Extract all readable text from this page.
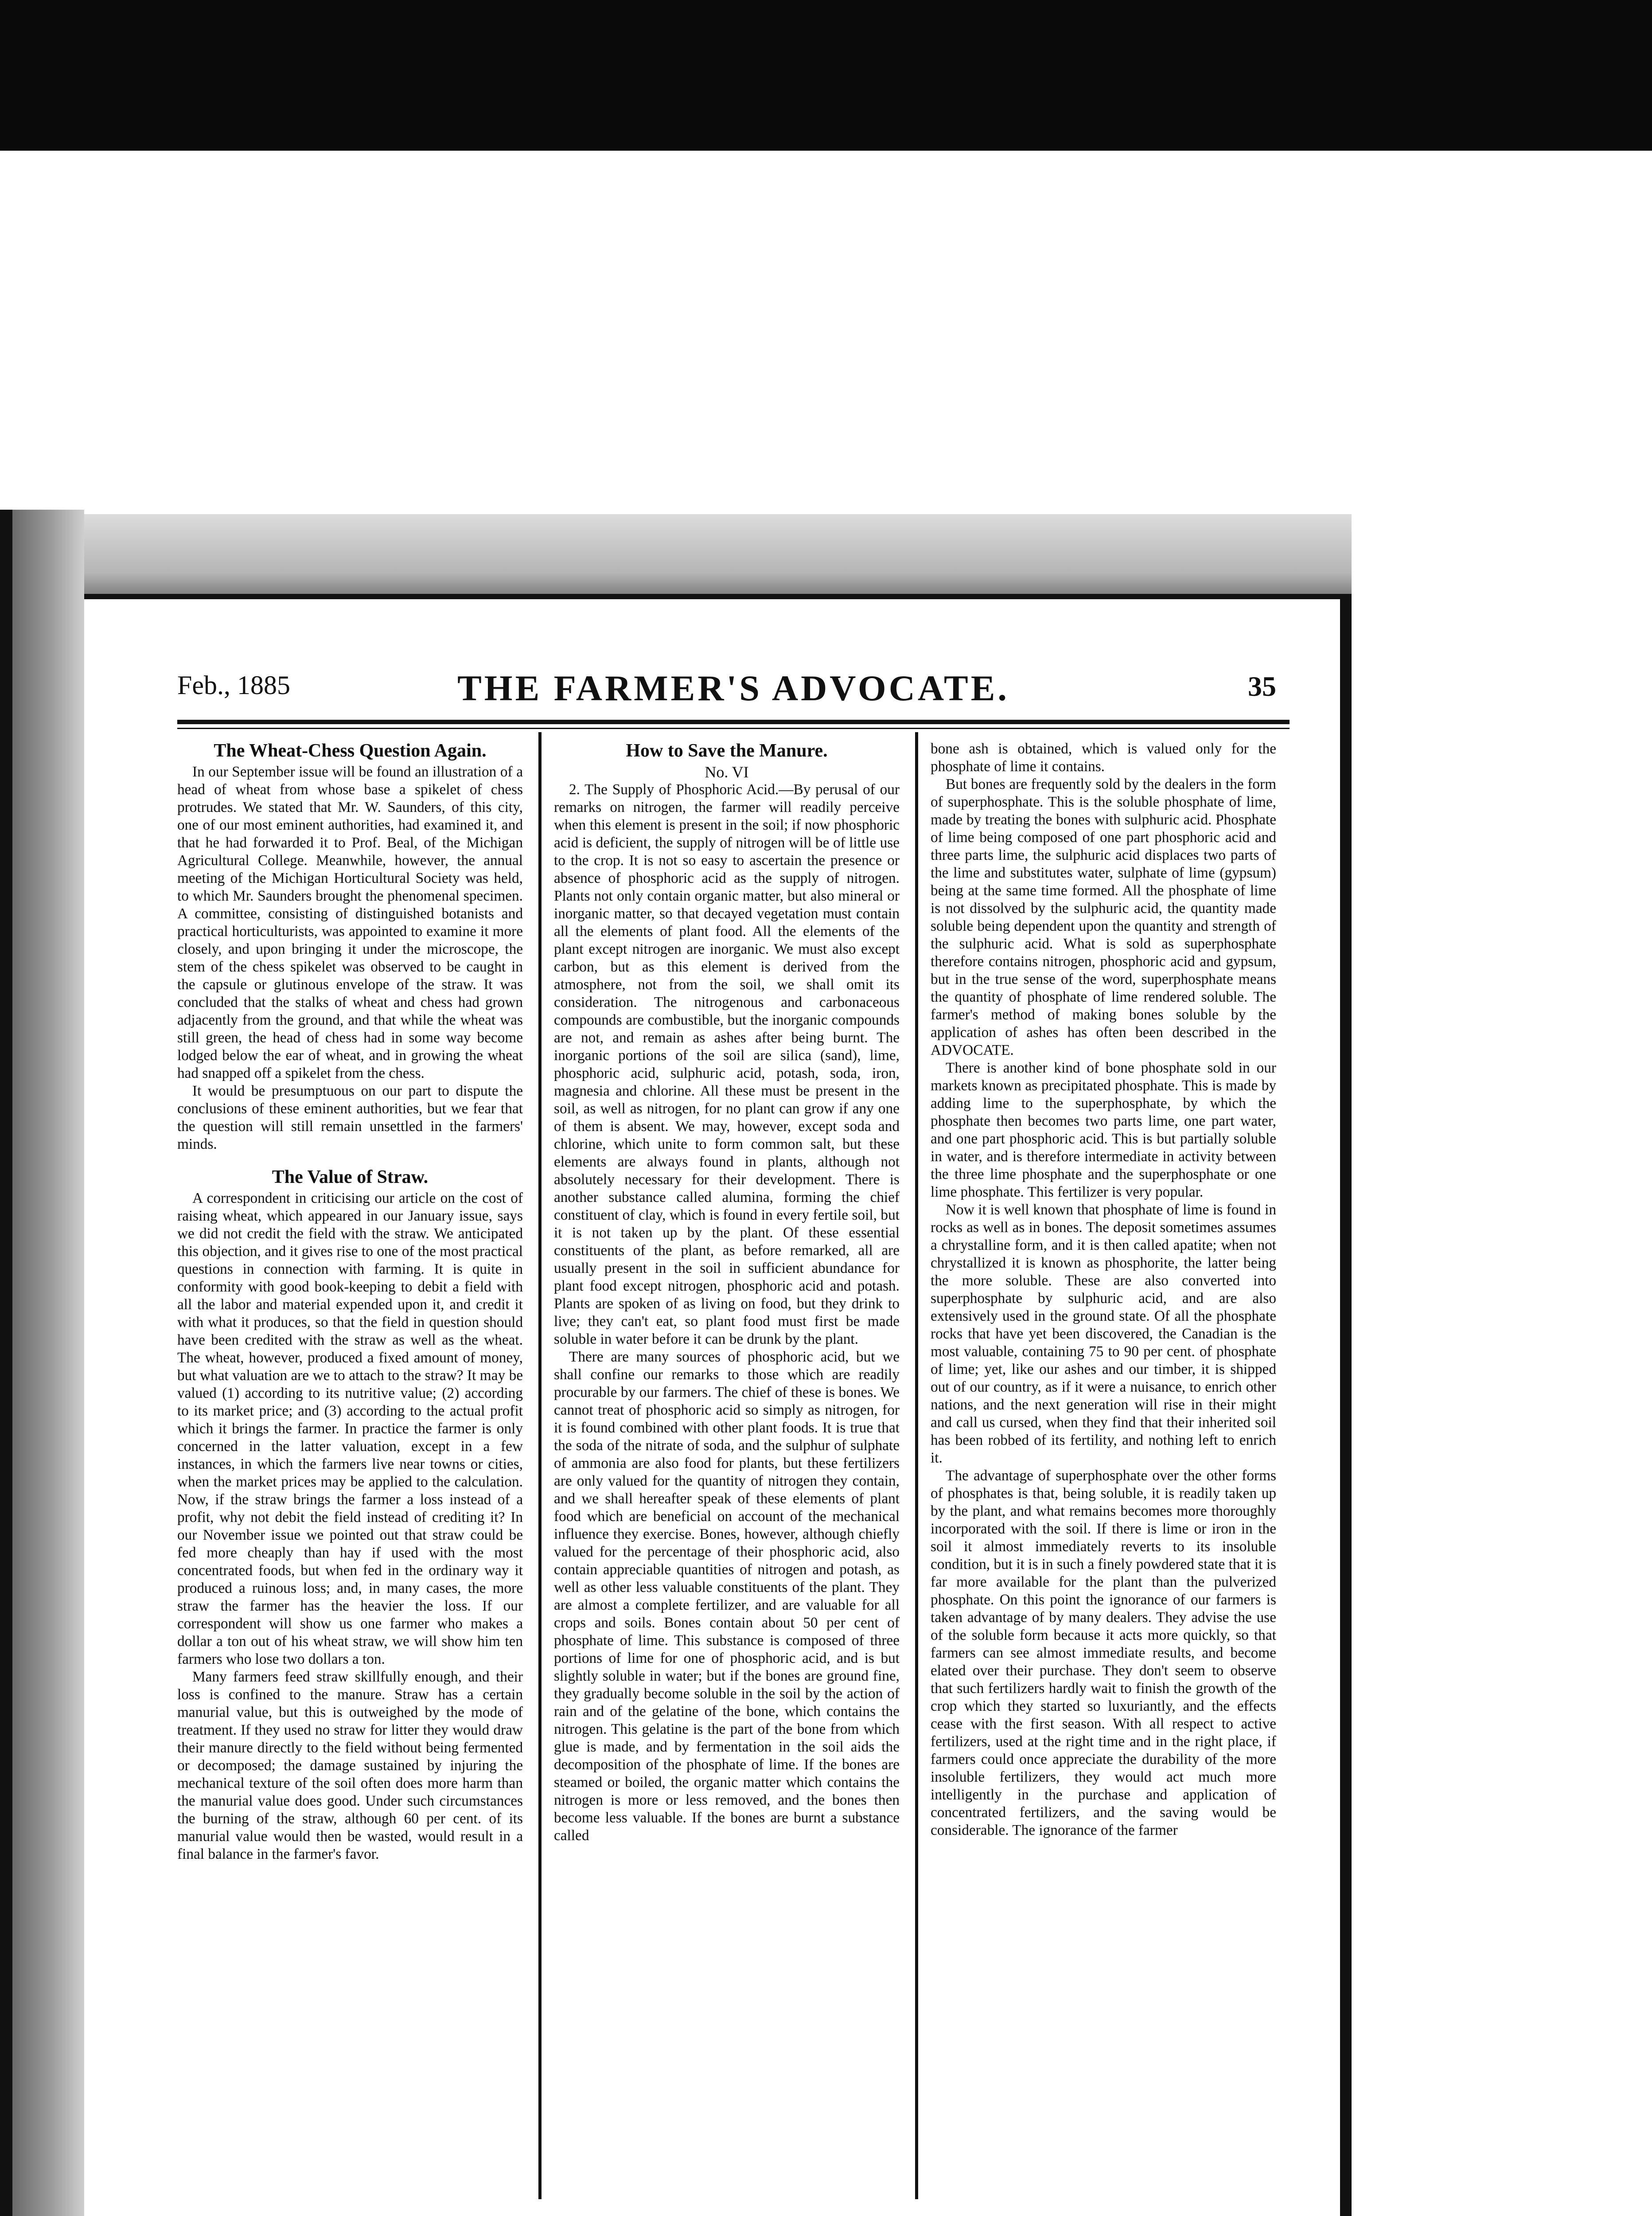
Feb., 1885	THE FARMER'S ADVOCATE.	35
The Wheat-Chess Question Again.

In our September issue will be found an illustration of a head of wheat from whose base a spikelet of chess protrudes. We stated that Mr. W. Saunders, of this city, one of our most eminent authorities, had examined it, and that he had forwarded it to Prof. Beal, of the Michigan Agricultural College. Meanwhile, however, the annual meeting of the Michigan Horticultural Society was held, to which Mr. Saunders brought the phenomenal specimen. A committee, consisting of distinguished botanists and practical horticulturists, was appointed to examine it more closely, and upon bringing it under the microscope, the stem of the chess spikelet was observed to be caught in the capsule or glutinous envelope of the straw. It was concluded that the stalks of wheat and chess had grown adjacently from the ground, and that while the wheat was still green, the head of chess had in some way become lodged below the ear of wheat, and in growing the wheat had snapped off a spikelet from the chess.

It would be presumptuous on our part to dispute the conclusions of these eminent authorities, but we fear that the question will still remain unsettled in the farmers' minds.

The Value of Straw.

A correspondent in criticising our article on the cost of raising wheat, which appeared in our January issue, says we did not credit the field with the straw. We anticipated this objection, and it gives rise to one of the most practical questions in connection with farming. It is quite in conformity with good book-keeping to debit a field with all the labor and material expended upon it, and credit it with what it produces, so that the field in question should have been credited with the straw as well as the wheat. The wheat, however, produced a fixed amount of money, but what valuation are we to attach to the straw? It may be valued (1) according to its nutritive value; (2) according to its market price; and (3) according to the actual profit which it brings the farmer. In practice the farmer is only concerned in the latter valuation, except in a few instances, in which the farmers live near towns or cities, when the market prices may be applied to the calculation. Now, if the straw brings the farmer a loss instead of a profit, why not debit the field instead of crediting it? In our November issue we pointed out that straw could be fed more cheaply than hay if used with the most concentrated foods, but when fed in the ordinary way it produced a ruinous loss; and, in many cases, the more straw the farmer has the heavier the loss. If our correspondent will show us one farmer who makes a dollar a ton out of his wheat straw, we will show him ten farmers who lose two dollars a ton.

Many farmers feed straw skillfully enough, and their loss is confined to the manure. Straw has a certain manurial value, but this is outweighed by the mode of treatment. If they used no straw for litter they would draw their manure directly to the field without being fermented or decomposed; the damage sustained by injuring the mechanical texture of the soil often does more harm than the manurial value does good. Under such circumstances the burning of the straw, although 60 per cent. of its manurial value would then be wasted, would result in a final balance in the farmer's favor.

How to Save the Manure.
No. VI

2. The Supply of Phosphoric Acid.—By perusal of our remarks on nitrogen, the farmer will readily perceive when this element is present in the soil; if now phosphoric acid is deficient, the supply of nitrogen will be of little use to the crop. It is not so easy to ascertain the presence or absence of phosphoric acid as the supply of nitrogen. Plants not only contain organic matter, but also mineral or inorganic matter, so that decayed vegetation must contain all the elements of plant food. All the elements of the plant except nitrogen are inorganic. We must also except carbon, but as this element is derived from the atmosphere, not from the soil, we shall omit its consideration. The nitrogenous and carbonaceous compounds are combustible, but the inorganic compounds are not, and remain as ashes after being burnt. The inorganic portions of the soil are silica (sand), lime, phosphoric acid, sulphuric acid, potash, soda, iron, magnesia and chlorine. All these must be present in the soil, as well as nitrogen, for no plant can grow if any one of them is absent. We may, however, except soda and chlorine, which unite to form common salt, but these elements are always found in plants, although not absolutely necessary for their development. There is another substance called alumina, forming the chief constituent of clay, which is found in every fertile soil, but it is not taken up by the plant. Of these essential constituents of the plant, as before remarked, all are usually present in the soil in sufficient abundance for plant food except nitrogen, phosphoric acid and potash. Plants are spoken of as living on food, but they drink to live; they can't eat, so plant food must first be made soluble in water before it can be drunk by the plant.

There are many sources of phosphoric acid, but we shall confine our remarks to those which are readily procurable by our farmers. The chief of these is bones. We cannot treat of phosphoric acid so simply as nitrogen, for it is found combined with other plant foods. It is true that the soda of the nitrate of soda, and the sulphur of sulphate of ammonia are also food for plants, but these fertilizers are only valued for the quantity of nitrogen they contain, and we shall hereafter speak of these elements of plant food which are beneficial on account of the mechanical influence they exercise. Bones, however, although chiefly valued for the percentage of their phosphoric acid, also contain appreciable quantities of nitrogen and potash, as well as other less valuable constituents of the plant. They are almost a complete fertilizer, and are valuable for all crops and soils. Bones contain about 50 per cent of phosphate of lime. This substance is composed of three portions of lime for one of phosphoric acid, and is but slightly soluble in water; but if the bones are ground fine, they gradually become soluble in the soil by the action of rain and of the gelatine of the bone, which contains the nitrogen. This gelatine is the part of the bone from which glue is made, and by fermentation in the soil aids the decomposition of the phosphate of lime. If the bones are steamed or boiled, the organic matter which contains the nitrogen is more or less removed, and the bones then become less valuable. If the bones are burnt a substance called

bone ash is obtained, which is valued only for the phosphate of lime it contains.

But bones are frequently sold by the dealers in the form of superphosphate. This is the soluble phosphate of lime, made by treating the bones with sulphuric acid. Phosphate of lime being composed of one part phosphoric acid and three parts lime, the sulphuric acid displaces two parts of the lime and substitutes water, sulphate of lime (gypsum) being at the same time formed. All the phosphate of lime is not dissolved by the sulphuric acid, the quantity made soluble being dependent upon the quantity and strength of the sulphuric acid. What is sold as superphosphate therefore contains nitrogen, phosphoric acid and gypsum, but in the true sense of the word, superphosphate means the quantity of phosphate of lime rendered soluble. The farmer's method of making bones soluble by the application of ashes has often been described in the ADVOCATE.

There is another kind of bone phosphate sold in our markets known as precipitated phosphate. This is made by adding lime to the superphosphate, by which the phosphate then becomes two parts lime, one part water, and one part phosphoric acid. This is but partially soluble in water, and is therefore intermediate in activity between the three lime phosphate and the superphosphate or one lime phosphate. This fertilizer is very popular.

Now it is well known that phosphate of lime is found in rocks as well as in bones. The deposit sometimes assumes a chrystalline form, and it is then called apatite; when not chrystallized it is known as phosphorite, the latter being the more soluble. These are also converted into superphosphate by sulphuric acid, and are also extensively used in the ground state. Of all the phosphate rocks that have yet been discovered, the Canadian is the most valuable, containing 75 to 90 per cent. of phosphate of lime; yet, like our ashes and our timber, it is shipped out of our country, as if it were a nuisance, to enrich other nations, and the next generation will rise in their might and call us cursed, when they find that their inherited soil has been robbed of its fertility, and nothing left to enrich it.

The advantage of superphosphate over the other forms of phosphates is that, being soluble, it is readily taken up by the plant, and what remains becomes more thoroughly incorporated with the soil. If there is lime or iron in the soil it almost immediately reverts to its insoluble condition, but it is in such a finely powdered state that it is far more available for the plant than the pulverized phosphate. On this point the ignorance of our farmers is taken advantage of by many dealers. They advise the use of the soluble form because it acts more quickly, so that farmers can see almost immediate results, and become elated over their purchase. They don't seem to observe that such fertilizers hardly wait to finish the growth of the crop which they started so luxuriantly, and the effects cease with the first season. With all respect to active fertilizers, used at the right time and in the right place, if farmers could once appreciate the durability of the more insoluble fertilizers, they would act much more intelligently in the purchase and application of concentrated fertilizers, and the saving would be considerable. The ignorance of the farmer
